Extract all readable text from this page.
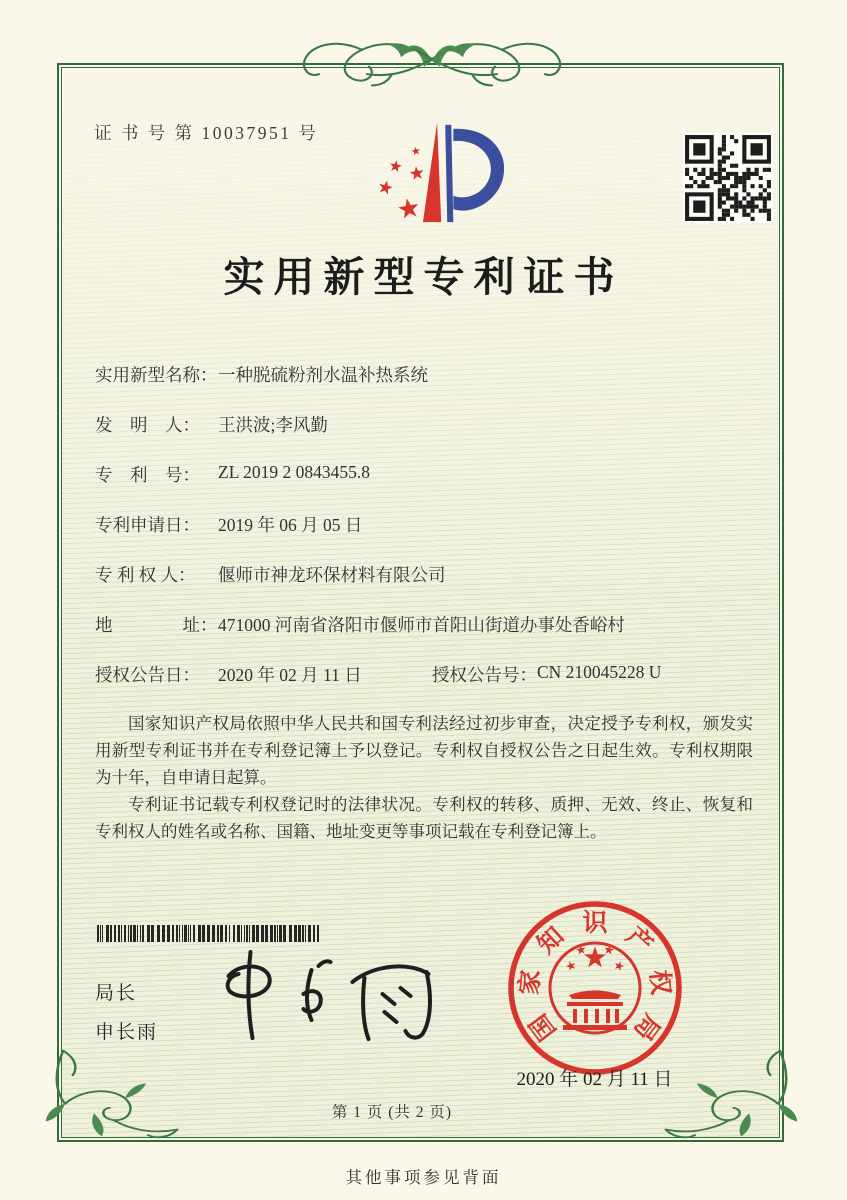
证 书 号 第 10037951 号
实用新型专利证书
实用新型名称： 一种脱硫粉剂水温补热系统
发　明　人：	王洪波;李风勤
专　利　号：	ZL 2019 2 0843455.8
专利申请日：	2019 年 06 月 05 日
专 利 权 人：	偃师市神龙环保材料有限公司
地　　　　址： 471000 河南省洛阳市偃师市首阳山街道办事处香峪村
授权公告日：	2020 年 02 月 11 日	授权公告号： CN 210045228 U

国家知识产权局依照中华人民共和国专利法经过初步审查，决定授予专利权，颁发实用新型专利证书并在专利登记簿上予以登记。专利权自授权公告之日起生效。专利权期限为十年，自申请日起算。

专利证书记载专利权登记时的法律状况。专利权的转移、质押、无效、终止、恢复和专利权人的姓名或名称、国籍、地址变更等事项记载在专利登记簿上。

局长
申长雨	国
家
知 识 产
权
局
2020 年 02 月 11 日
第 1 页 (共 2 页)
其他事项参见背面
